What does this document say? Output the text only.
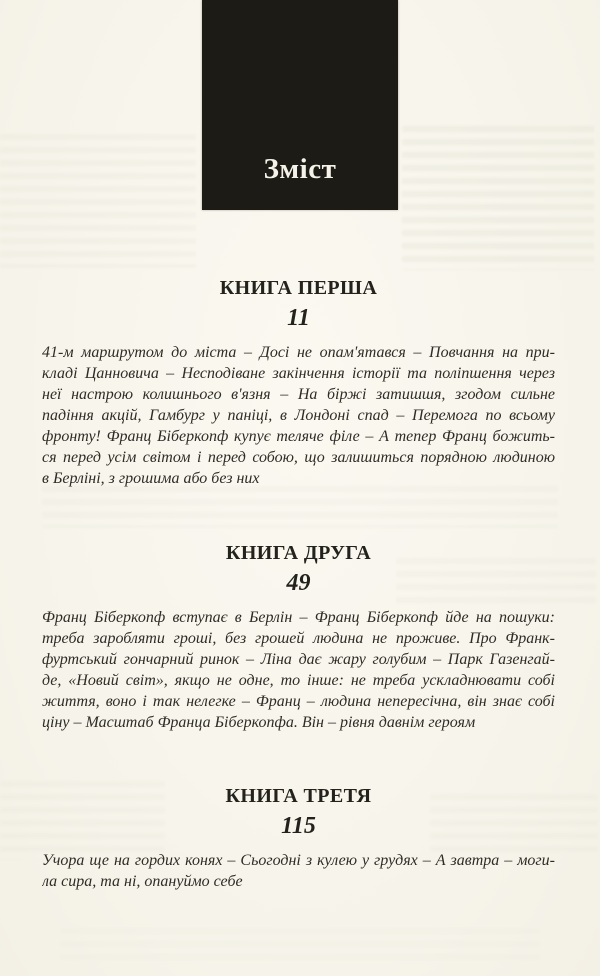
Зміст
КНИГА ПЕРША
11
41-м маршрутом до міста – Досі не опам'ятався – Повчання на при-
кладі Цанновича – Несподіване закінчення історії та поліпшення через
неї настрою колишнього в'язня – На біржі затишшя, згодом сильне
падіння акцій, Гамбург у паніці, в Лондоні спад – Перемога по всьому
фронту! Франц Біберкопф купує теляче філе – А тепер Франц божить-
ся перед усім світом і перед собою, що залишиться порядною людиною
в Берліні, з грошима або без них
КНИГА ДРУГА
49
Франц Біберкопф вступає в Берлін – Франц Біберкопф йде на пошуки:
треба заробляти гроші, без грошей людина не проживе. Про Франк-
фуртський гончарний ринок – Ліна дає жару голубим – Парк Газенгай-
де, «Новий світ», якщо не одне, то інше: не треба ускладнювати собі
життя, воно і так нелегке – Франц – людина непересічна, він знає собі
ціну – Масштаб Франца Біберкопфа. Він – рівня давнім героям
КНИГА ТРЕТЯ
115
Учора ще на гордих конях – Сьогодні з кулею у грудях – А завтра – моги-
ла сира, та ні, опануймо себе
